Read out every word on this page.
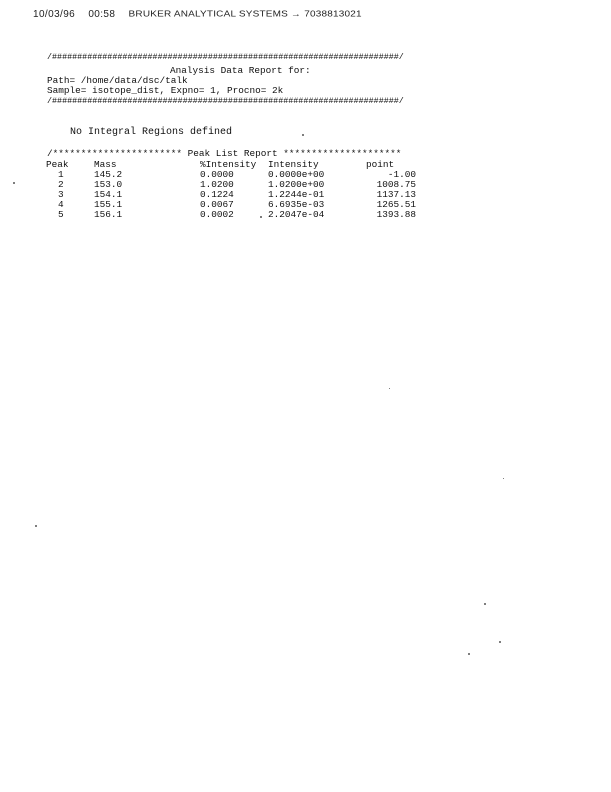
10/03/96 00:58 BRUKER ANALYTICAL SYSTEMS → 7038813021
/#####################################################################/
Analysis Data Report for:
Path= /home/data/dsc/talk
Sample= isotope_dist, Expno= 1, Procno= 2k
/#####################################################################/
No Integral Regions defined
/*********************** Peak List Report *********************
Peak	Mass	%Intensity	Intensity	point
1	145.2	0.0000	0.0000e+00	-1.00
2	153.0	1.0200	1.0200e+00	1008.75
3	154.1	0.1224	1.2244e-01	1137.13
4	155.1	0.0067	6.6935e-03	1265.51
5	156.1	0.0002	2.2047e-04	1393.88
